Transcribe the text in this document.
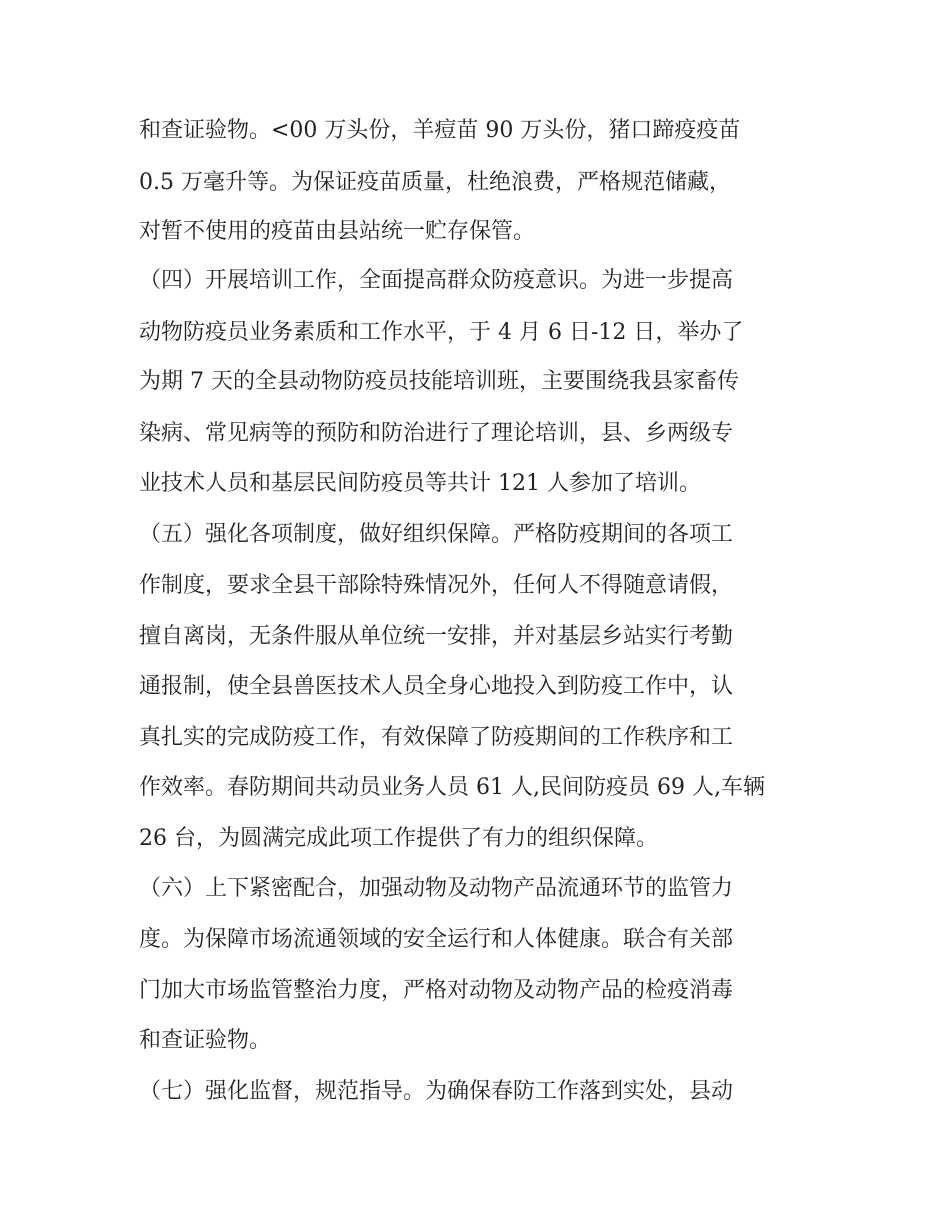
和查证验物。<00 万头份，羊痘苗 90 万头份，猪口蹄疫疫苗
0.5 万毫升等。为保证疫苗质量，杜绝浪费，严格规范储藏，
对暂不使用的疫苗由县站统一贮存保管。
（四）开展培训工作，全面提高群众防疫意识。为进一步提高
动物防疫员业务素质和工作水平，于 4 月 6 日-12 日，举办了
为期 7 天的全县动物防疫员技能培训班，主要围绕我县家畜传
染病、常见病等的预防和防治进行了理论培训，县、乡两级专
业技术人员和基层民间防疫员等共计 121 人参加了培训。
（五）强化各项制度，做好组织保障。严格防疫期间的各项工
作制度，要求全县干部除特殊情况外，任何人不得随意请假，
擅自离岗，无条件服从单位统一安排，并对基层乡站实行考勤
通报制，使全县兽医技术人员全身心地投入到防疫工作中，认
真扎实的完成防疫工作，有效保障了防疫期间的工作秩序和工
作效率。春防期间共动员业务人员 61 人,民间防疫员 69 人,车辆
26 台，为圆满完成此项工作提供了有力的组织保障。
（六）上下紧密配合，加强动物及动物产品流通环节的监管力
度。为保障市场流通领域的安全运行和人体健康。联合有关部
门加大市场监管整治力度，严格对动物及动物产品的检疫消毒
和查证验物。
（七）强化监督，规范指导。为确保春防工作落到实处，县动
